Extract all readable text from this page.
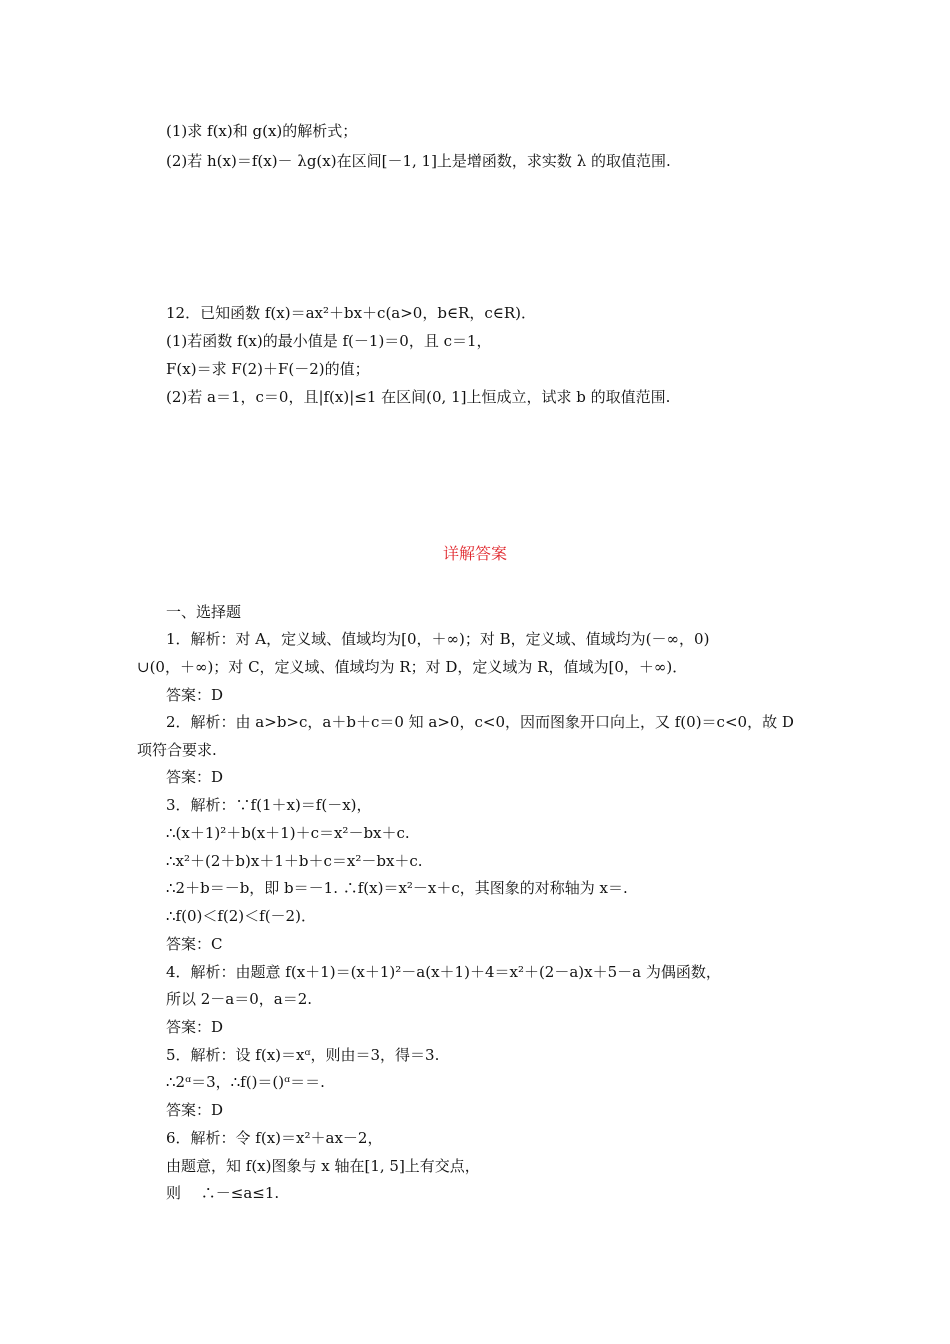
(1)求 f(x)和 g(x)的解析式；
(2)若 h(x)＝f(x)－ λg(x)在区间[－1, 1]上是增函数，求实数 λ 的取值范围.
12．已知函数 f(x)＝ax²＋bx＋c(a>0，b∈R，c∈R)．
(1)若函数 f(x)的最小值是 f(－1)＝0，且 c＝1，
F(x)＝求 F(2)＋F(－2)的值；
(2)若 a＝1，c＝0，且|f(x)|≤1 在区间(0, 1]上恒成立，试求 b 的取值范围.
详解答案
一、选择题
1．解析：对 A，定义域、值域均为[0，＋∞)；对 B，定义域、值域均为(－∞，0)
∪(0，＋∞)；对 C，定义域、值域均为 R；对 D，定义域为 R，值域为[0，＋∞)．
答案：D
2．解析：由 a>b>c，a＋b＋c＝0 知 a>0，c<0，因而图象开口向上，又 f(0)＝c<0，故 D
项符合要求.
答案：D
3．解析：∵f(1＋x)＝f(－x)，
∴(x＋1)²＋b(x＋1)＋c＝x²－bx＋c.
∴x²＋(2＋b)x＋1＋b＋c＝x²－bx＋c.
∴2＋b＝－b，即 b＝－1. ∴f(x)＝x²－x＋c，其图象的对称轴为 x＝.
∴f(0)＜f(2)＜f(－2)．
答案：C
4．解析：由题意 f(x＋1)＝(x＋1)²－a(x＋1)＋4＝x²＋(2－a)x＋5－a 为偶函数，
所以 2－a＝0，a＝2.
答案：D
5．解析：设 f(x)＝xᵅ，则由＝3，得＝3.
∴2ᵅ＝3，∴f()＝()ᵅ＝＝.
答案：D
6．解析：令 f(x)＝x²＋ax－2，
由题意，知 f(x)图象与 x 轴在[1, 5]上有交点，
则 　∴－≤a≤1.
